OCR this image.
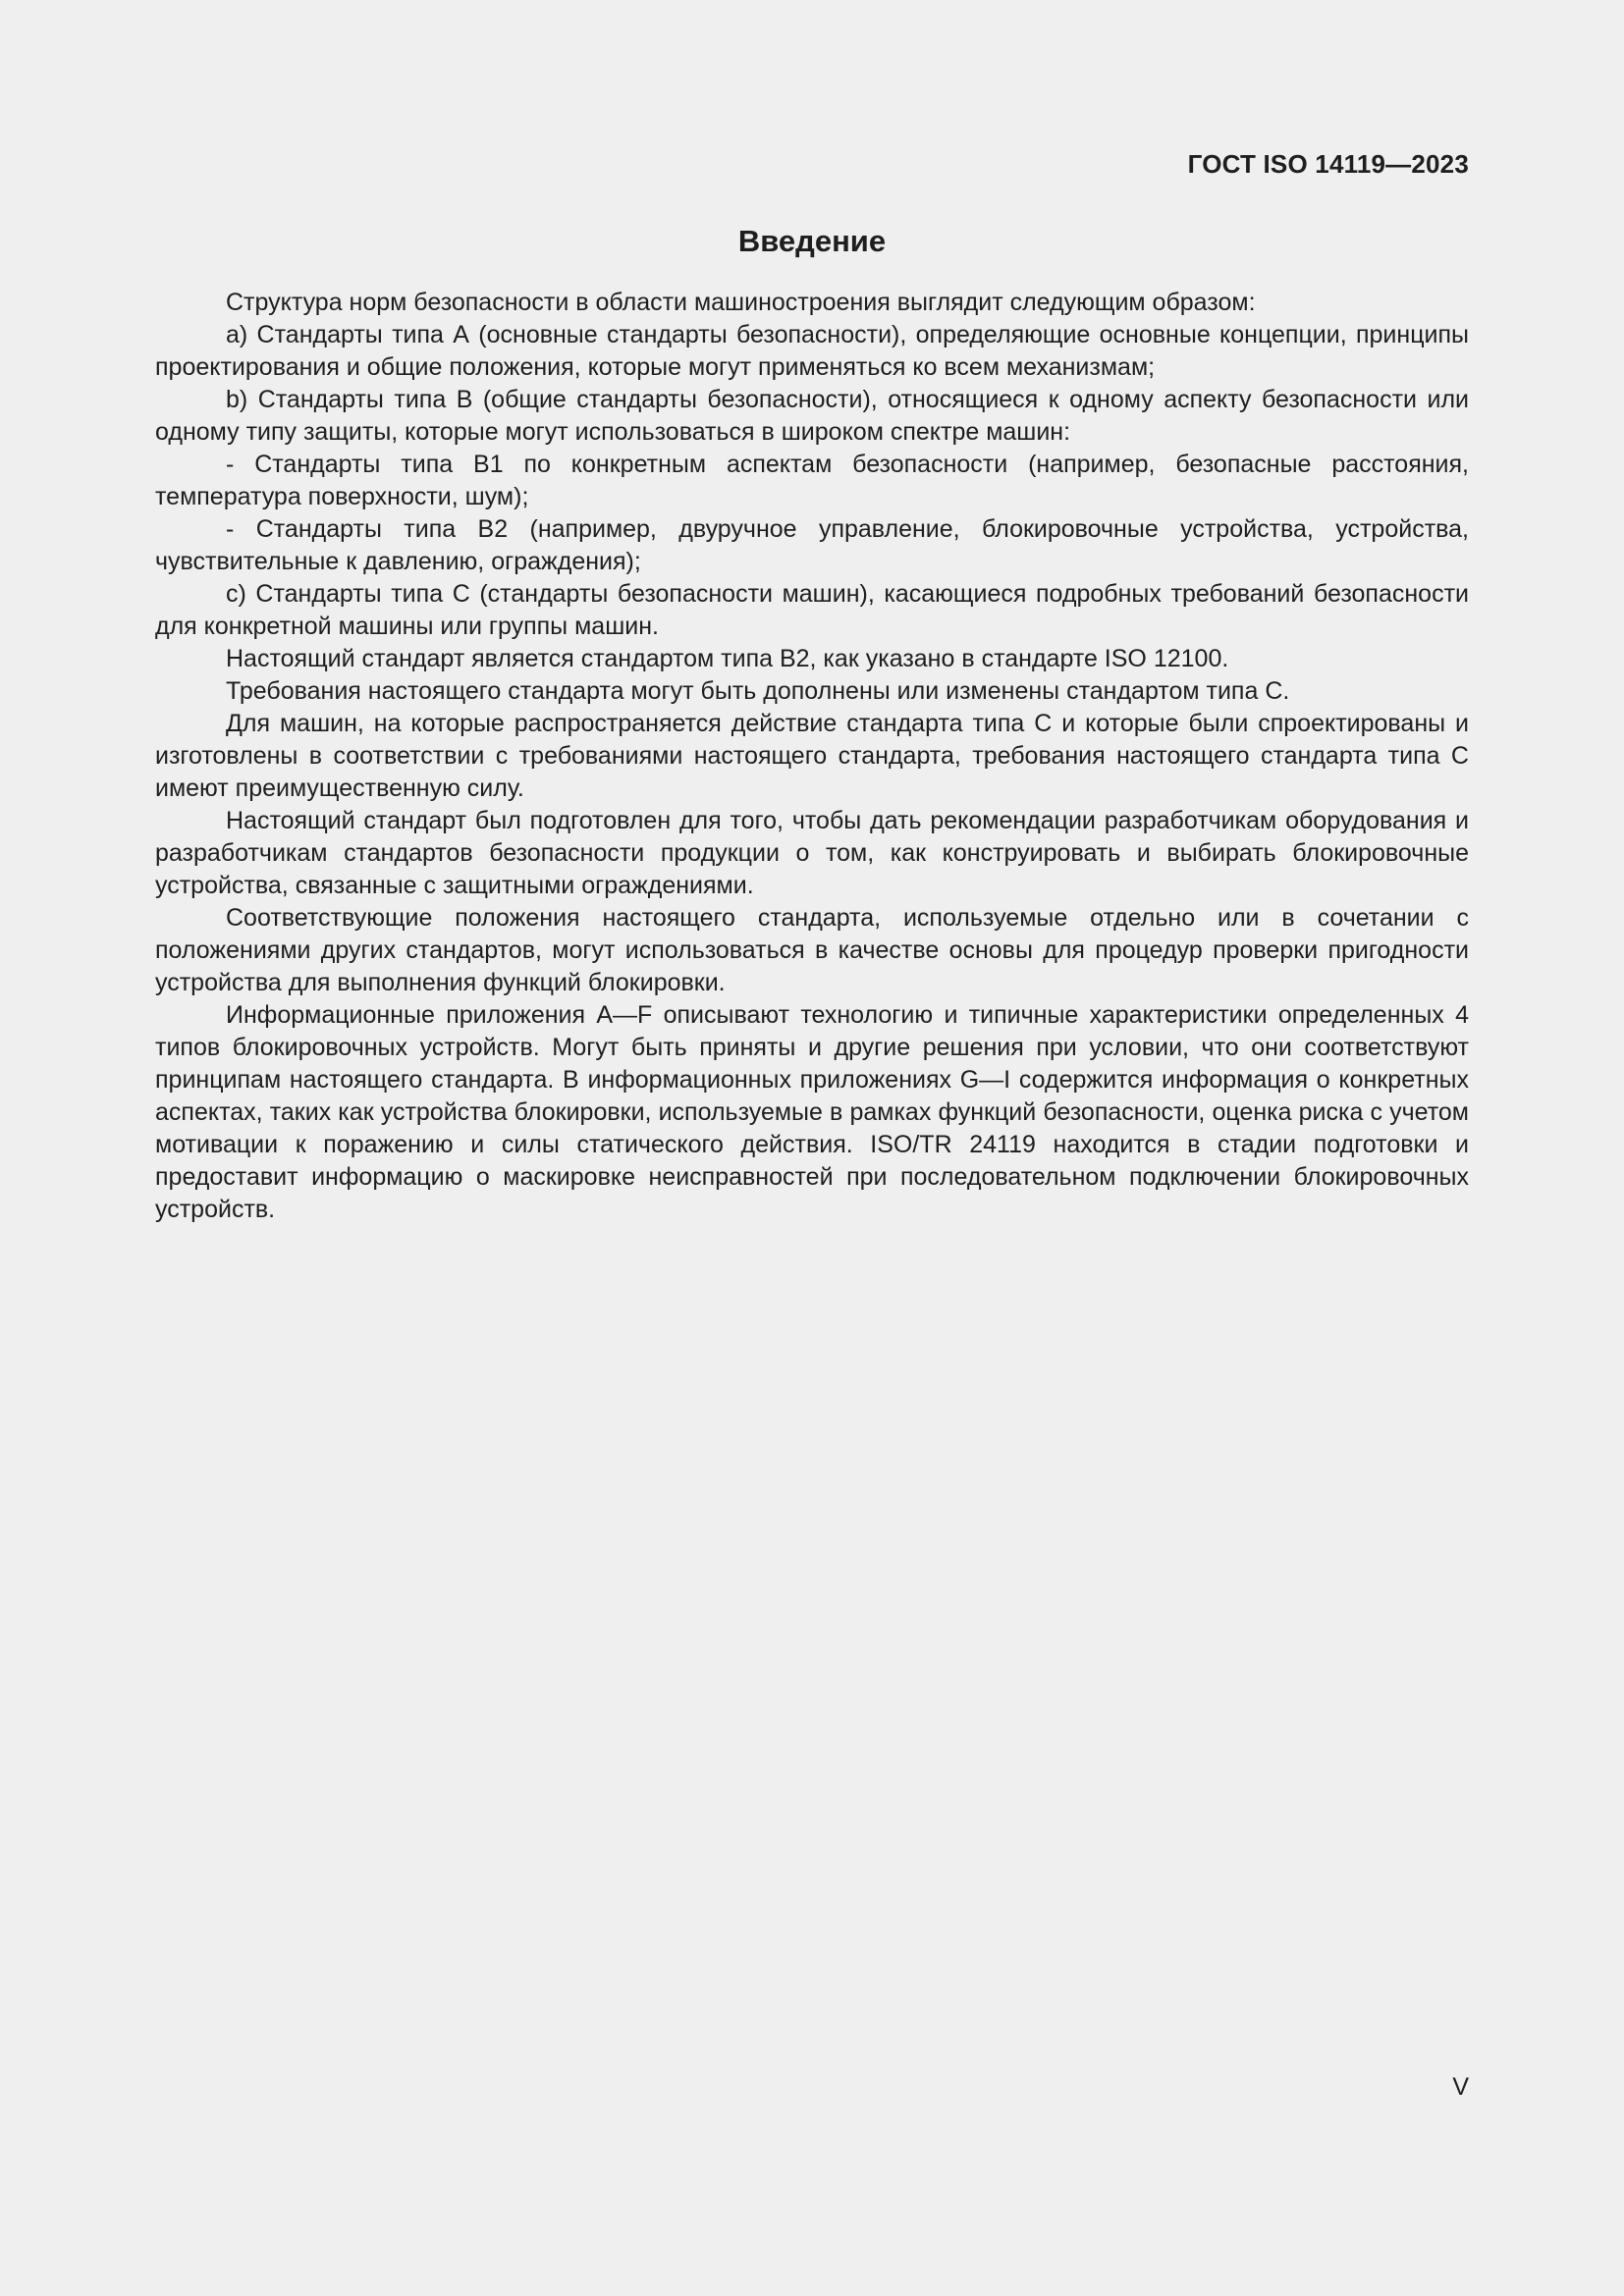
ГОСТ ISO 14119—2023
Введение

Структура норм безопасности в области машиностроения выглядит следующим образом:

a) Стандарты типа А (основные стандарты безопасности), определяющие основные концепции, принципы проектирования и общие положения, которые могут применяться ко всем механизмам;

b) Стандарты типа В (общие стандарты безопасности), относящиеся к одному аспекту безопасности или одному типу защиты, которые могут использоваться в широком спектре машин:

- Стандарты типа В1 по конкретным аспектам безопасности (например, безопасные расстояния, температура поверхности, шум);

- Стандарты типа В2 (например, двуручное управление, блокировочные устройства, устройства, чувствительные к давлению, ограждения);

c) Стандарты типа С (стандарты безопасности машин), касающиеся подробных требований безопасности для конкретной машины или группы машин.

Настоящий стандарт является стандартом типа В2, как указано в стандарте ISO 12100.

Требования настоящего стандарта могут быть дополнены или изменены стандартом типа С.

Для машин, на которые распространяется действие стандарта типа С и которые были спроектированы и изготовлены в соответствии с требованиями настоящего стандарта, требования настоящего стандарта типа С имеют преимущественную силу.

Настоящий стандарт был подготовлен для того, чтобы дать рекомендации разработчикам оборудования и разработчикам стандартов безопасности продукции о том, как конструировать и выбирать блокировочные устройства, связанные с защитными ограждениями.

Соответствующие положения настоящего стандарта, используемые отдельно или в сочетании с положениями других стандартов, могут использоваться в качестве основы для процедур проверки пригодности устройства для выполнения функций блокировки.

Информационные приложения A—F описывают технологию и типичные характеристики определенных 4 типов блокировочных устройств. Могут быть приняты и другие решения при условии, что они соответствуют принципам настоящего стандарта. В информационных приложениях G—I содержится информация о конкретных аспектах, таких как устройства блокировки, используемые в рамках функций безопасности, оценка риска с учетом мотивации к поражению и силы статического действия. ISO/TR 24119 находится в стадии подготовки и предоставит информацию о маскировке неисправностей при последовательном подключении блокировочных устройств.

V
